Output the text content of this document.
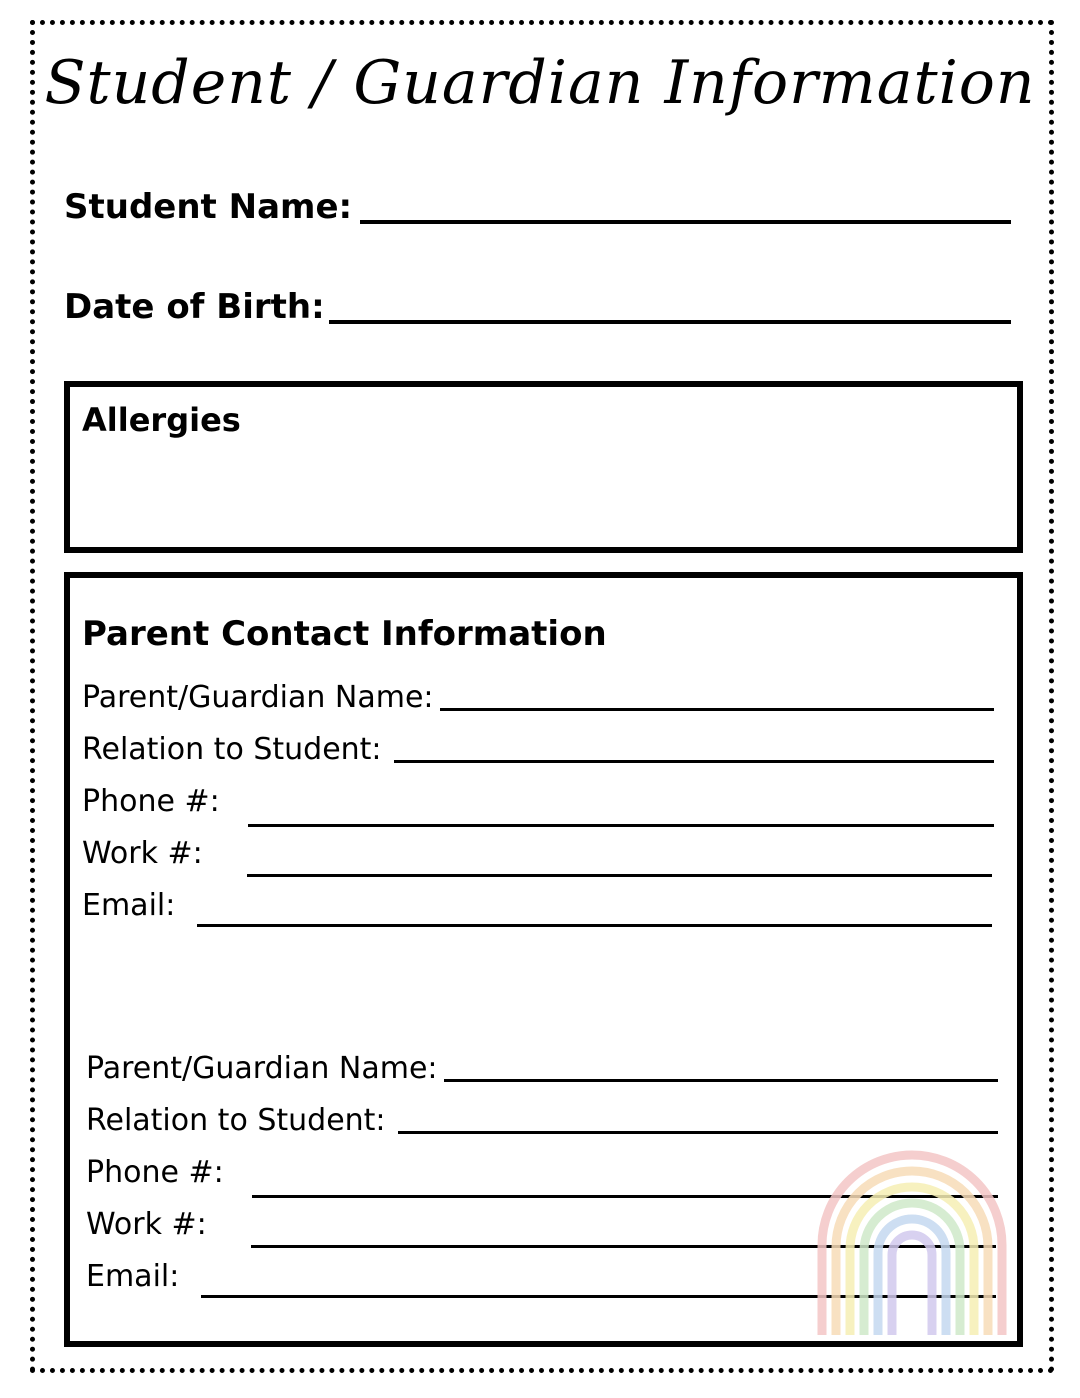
Student / Guardian Information
Student Name:
Date of Birth:
Allergies
Parent Contact Information
Parent/Guardian Name:
Relation to Student:
Phone #:
Work #:
Email:
Parent/Guardian Name:
Relation to Student:
Phone #:
Work #:
Email:
